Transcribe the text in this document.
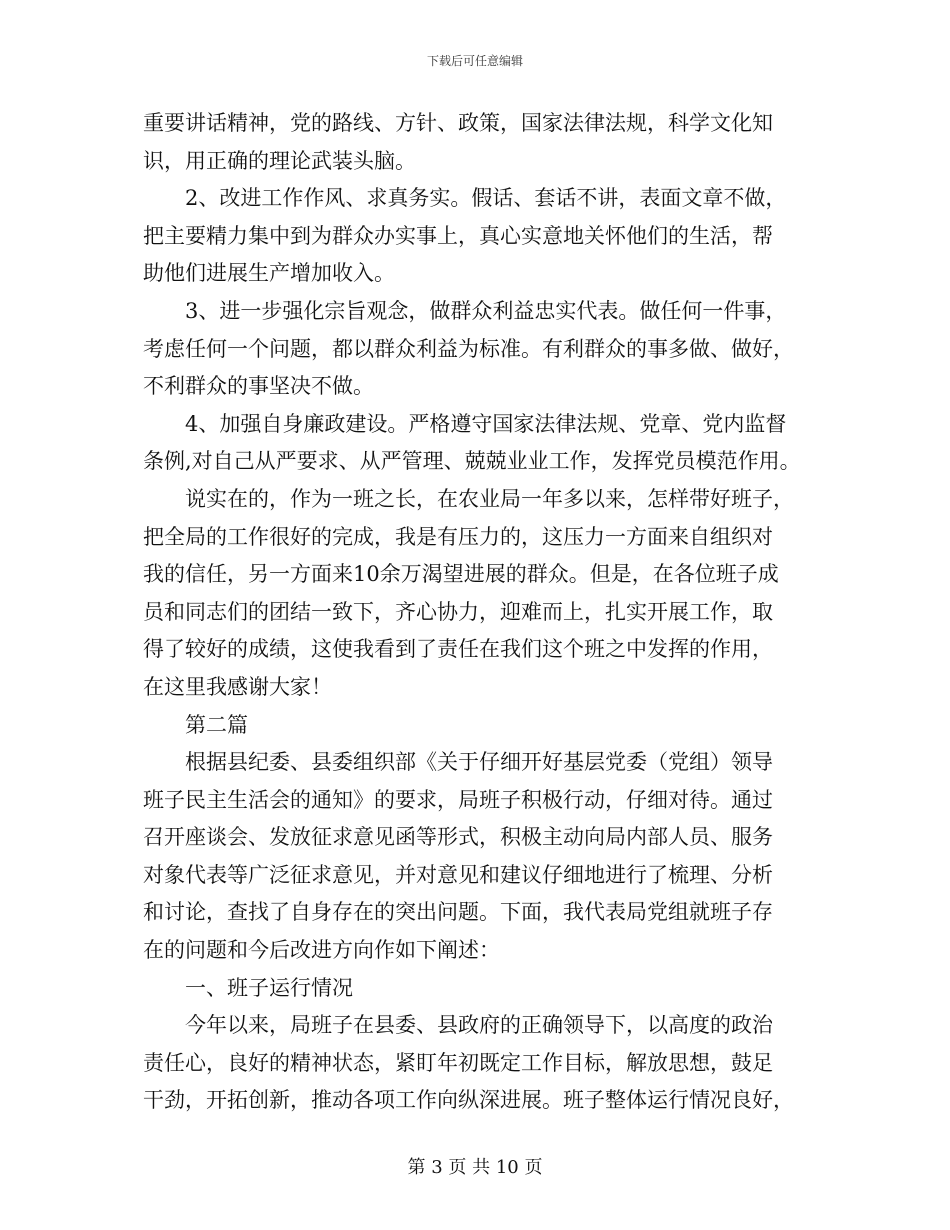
下载后可任意编辑
重要讲话精神，党的路线、方针、政策，国家法律法规，科学文化知
识，用正确的理论武装头脑。
2、改进工作作风、求真务实。假话、套话不讲，表面文章不做，
把主要精力集中到为群众办实事上，真心实意地关怀他们的生活，帮
助他们进展生产增加收入。
3、进一步强化宗旨观念，做群众利益忠实代表。做任何一件事，
考虑任何一个问题，都以群众利益为标准。有利群众的事多做、做好，
不利群众的事坚决不做。
4、加强自身廉政建设。严格遵守国家法律法规、党章、党内监督
条例,对自己从严要求、从严管理、兢兢业业工作，发挥党员模范作用。
说实在的，作为一班之长，在农业局一年多以来，怎样带好班子，
把全局的工作很好的完成，我是有压力的，这压力一方面来自组织对
我的信任，另一方面来10余万渴望进展的群众。但是，在各位班子成
员和同志们的团结一致下，齐心协力，迎难而上，扎实开展工作，取
得了较好的成绩，这使我看到了责任在我们这个班之中发挥的作用，
在这里我感谢大家！
第二篇
根据县纪委、县委组织部《关于仔细开好基层党委（党组）领导
班子民主生活会的通知》的要求，局班子积极行动，仔细对待。通过
召开座谈会、发放征求意见函等形式，积极主动向局内部人员、服务
对象代表等广泛征求意见，并对意见和建议仔细地进行了梳理、分析
和讨论，查找了自身存在的突出问题。下面，我代表局党组就班子存
在的问题和今后改进方向作如下阐述：
一、班子运行情况
今年以来，局班子在县委、县政府的正确领导下，以高度的政治
责任心，良好的精神状态，紧盯年初既定工作目标，解放思想，鼓足
干劲，开拓创新，推动各项工作向纵深进展。班子整体运行情况良好，
第 3 页 共 10 页
